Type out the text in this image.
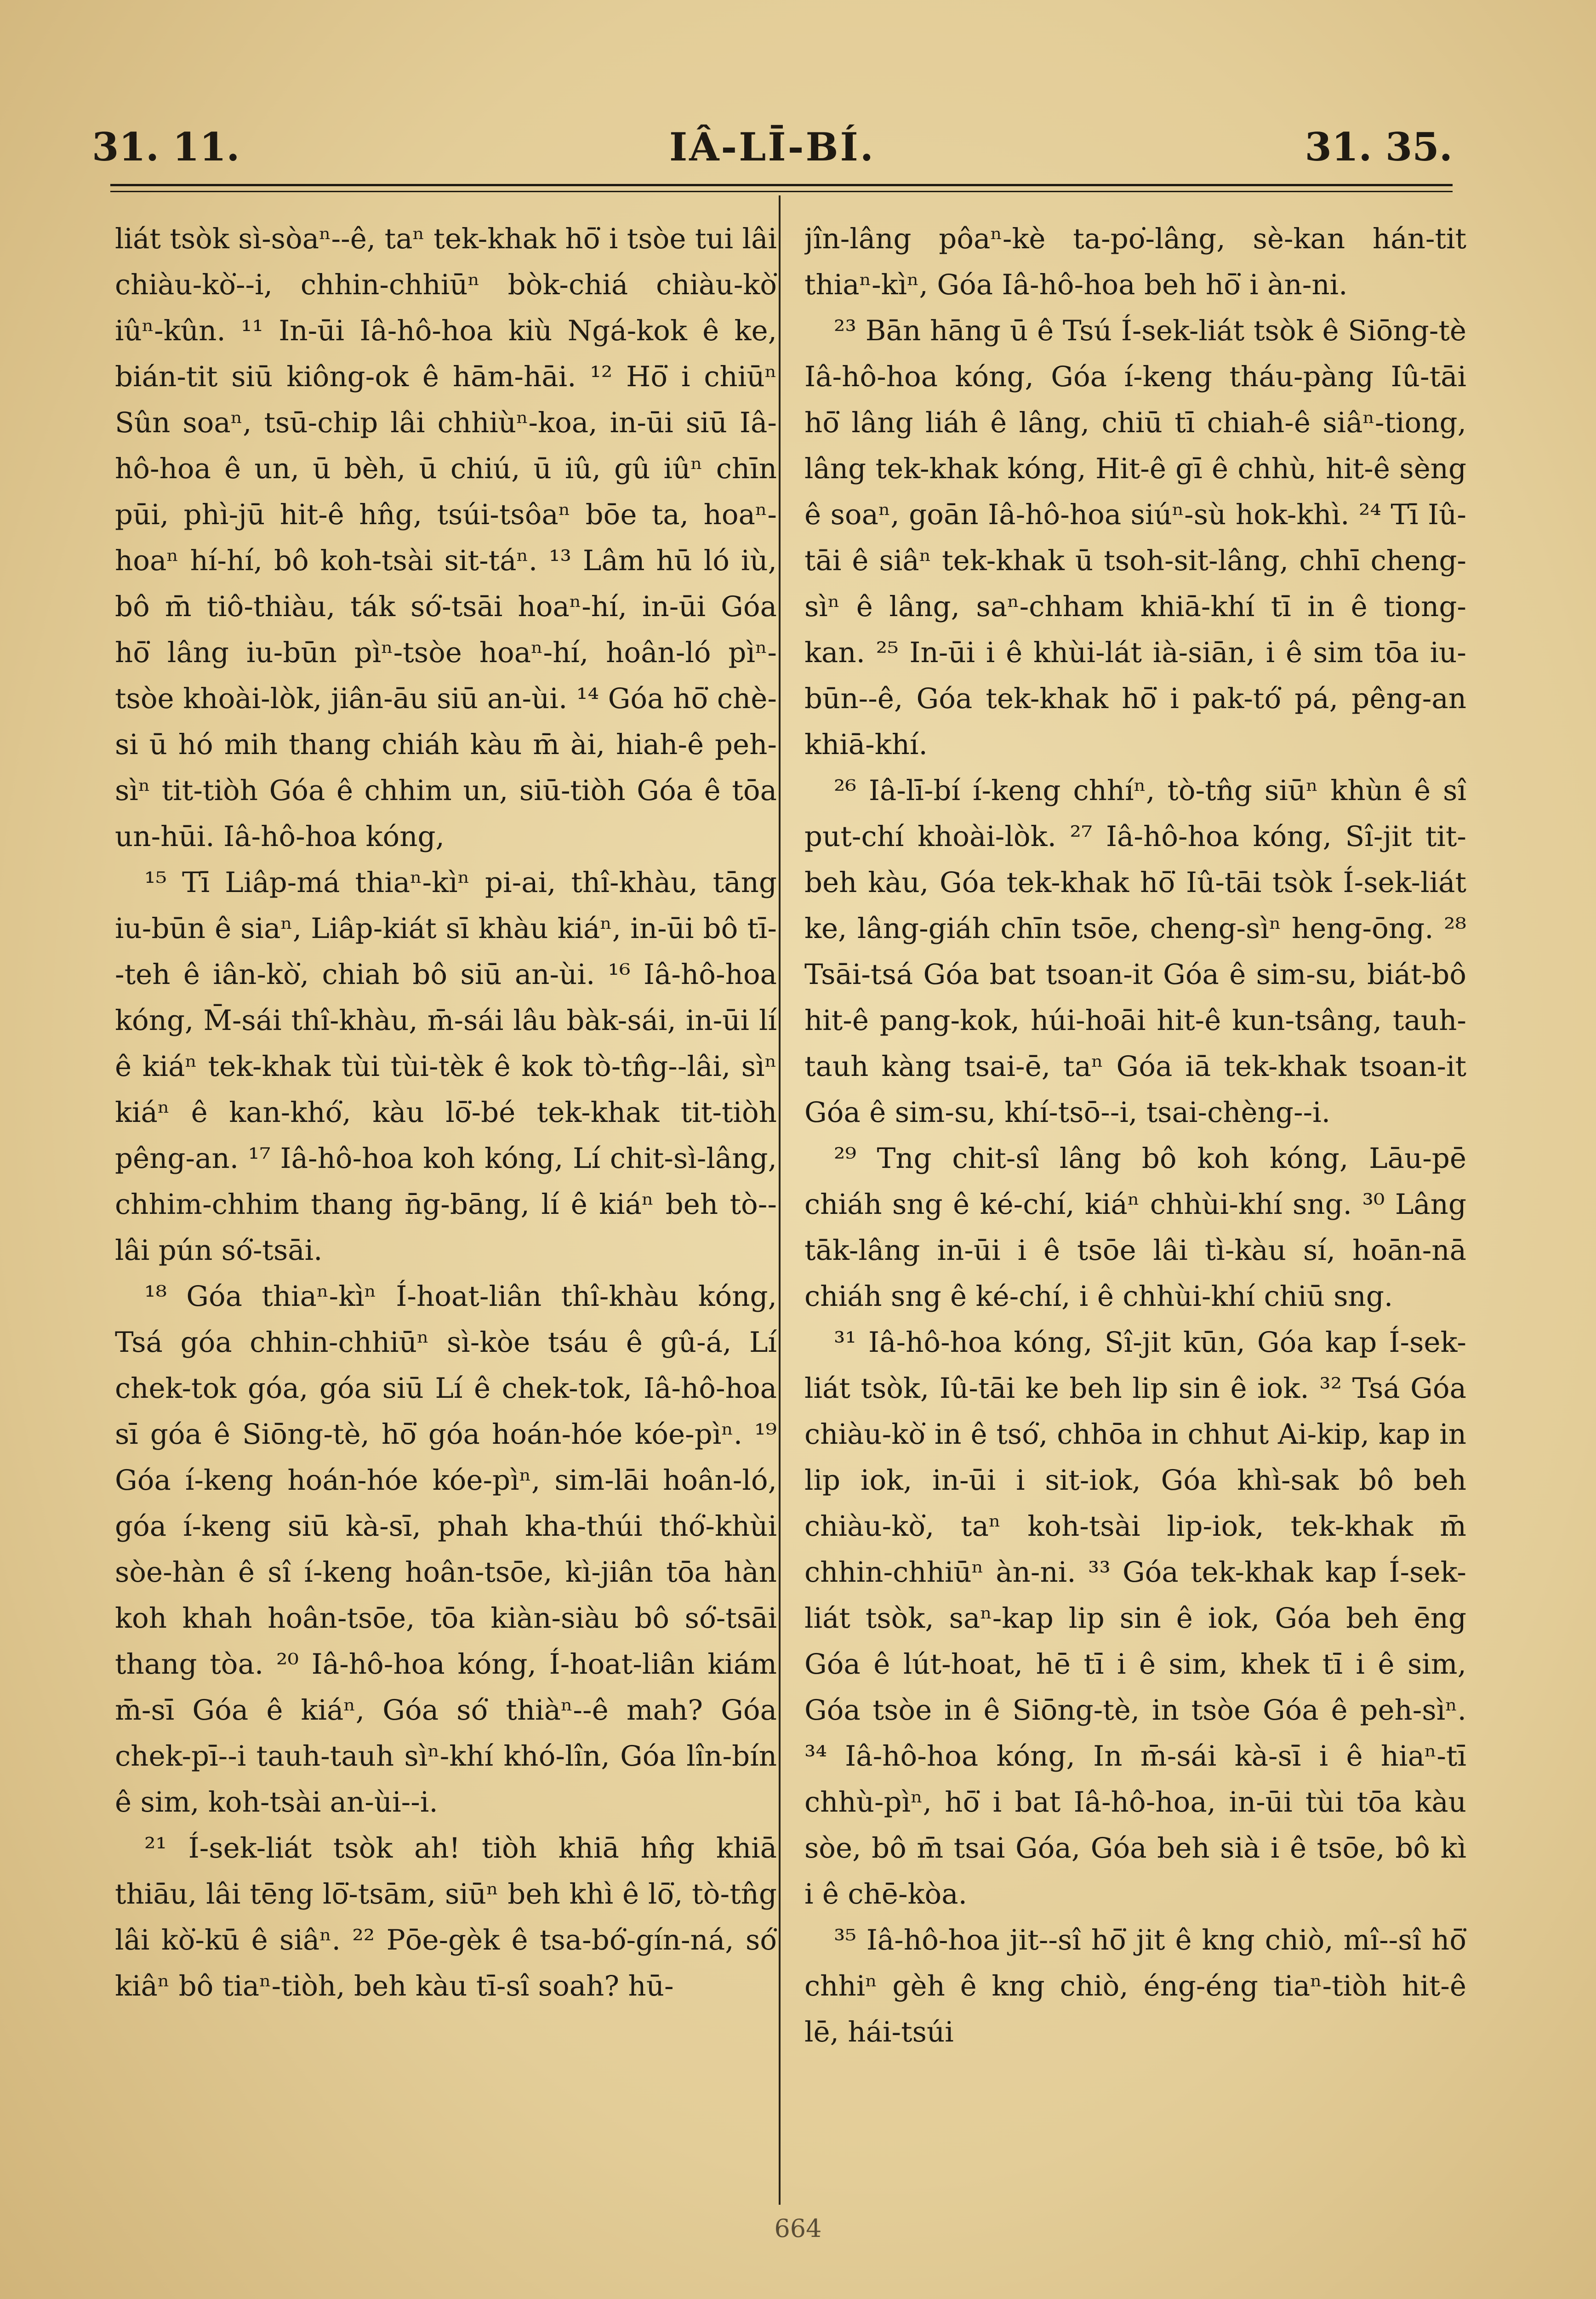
31. 11.	IÂ-LĪ-BÍ.	31. 35.

liát tsòk sì-sòaⁿ--ê, taⁿ tek-khak hō͘ i tsòe tui lâi chiàu-kò͘--i, chhin-chhiūⁿ bòk-chiá chiàu-kò͘ iûⁿ-kûn. ¹¹ In-ūi Iâ-hô-hoa kiù Ngá-kok ê ke, bián-tit siū kiông-ok ê hām-hāi. ¹² Hō͘ i chiūⁿ Sûn soaⁿ, tsū-chip lâi chhiùⁿ-koa, in-ūi siū Iâ-hô-hoa ê un, ū bèh, ū chiú, ū iû, gû iûⁿ chīn pūi, phì-jū hit-ê hn̂g, tsúi-tsôaⁿ bōe ta, hoaⁿ-hoaⁿ hí-hí, bô koh-tsài sit-táⁿ. ¹³ Lâm hū ló iù, bô m̄ tiô-thiàu, ták só͘-tsāi hoaⁿ-hí, in-ūi Góa hō͘ lâng iu-būn pìⁿ-tsòe hoaⁿ-hí, hoân-ló pìⁿ-tsòe khoài-lòk, jiân-āu siū an-ùi. ¹⁴ Góa hō͘ chè-si ū hó mih thang chiáh kàu m̄ ài, hiah-ê peh-sìⁿ tit-tiòh Góa ê chhim un, siū-tiòh Góa ê tōa un-hūi. Iâ-hô-hoa kóng,

¹⁵ Tī Liâp-má thiaⁿ-kìⁿ pi-ai, thî-khàu, tāng iu-būn ê siaⁿ, Liâp-kiát sī khàu kiáⁿ, in-ūi bô tī--teh ê iân-kò͘, chiah bô siū an-ùi. ¹⁶ Iâ-hô-hoa kóng, M̄-sái thî-khàu, m̄-sái lâu bàk-sái, in-ūi lí ê kiáⁿ tek-khak tùi tùi-tèk ê kok tò-tn̂g--lâi, sìⁿ kiáⁿ ê kan-khó͘, kàu lō͘-bé tek-khak tit-tiòh pêng-an. ¹⁷ Iâ-hô-hoa koh kóng, Lí chit-sì-lâng, chhim-chhim thang n̄g-bāng, lí ê kiáⁿ beh tò--lâi pún só͘-tsāi.

¹⁸ Góa thiaⁿ-kìⁿ Í-hoat-liân thî-khàu kóng, Tsá góa chhin-chhiūⁿ sì-kòe tsáu ê gû-á, Lí chek-tok góa, góa siū Lí ê chek-tok, Iâ-hô-hoa sī góa ê Siōng-tè, hō͘ góa hoán-hóe kóe-pìⁿ. ¹⁹ Góa í-keng hoán-hóe kóe-pìⁿ, sim-lāi hoân-ló, góa í-keng siū kà-sī, phah kha-thúi thó͘-khùi sòe-hàn ê sî í-keng hoân-tsōe, kì-jiân tōa hàn koh khah hoân-tsōe, tōa kiàn-siàu bô só͘-tsāi thang tòa. ²⁰ Iâ-hô-hoa kóng, Í-hoat-liân kiám m̄-sī Góa ê kiáⁿ, Góa só͘ thiàⁿ--ê mah? Góa chek-pī--i tauh-tauh sìⁿ-khí khó-lîn, Góa lîn-bín ê sim, koh-tsài an-ùi--i.

²¹ Í-sek-liát tsòk ah! tiòh khiā hn̂g khiā thiāu, lâi tēng lō͘-tsām, siūⁿ beh khì ê lō͘, tò-tn̂g lâi kò͘-kū ê siâⁿ. ²² Pōe-gèk ê tsa-bó͘-gín-ná, só͘ kiâⁿ bô tiaⁿ-tiòh, beh kàu tī-sî soah? hū-

jîn-lâng pôaⁿ-kè ta-po͘-lâng, sè-kan hán-tit thiaⁿ-kìⁿ, Góa Iâ-hô-hoa beh hō͘ i àn-ni.

²³ Bān hāng ū ê Tsú Í-sek-liát tsòk ê Siōng-tè Iâ-hô-hoa kóng, Góa í-keng tháu-pàng Iû-tāi hō͘ lâng liáh ê lâng, chiū tī chiah-ê siâⁿ-tiong, lâng tek-khak kóng, Hit-ê gī ê chhù, hit-ê sèng ê soaⁿ, goān Iâ-hô-hoa siúⁿ-sù hok-khì. ²⁴ Tī Iû-tāi ê siâⁿ tek-khak ū tsoh-sit-lâng, chhī cheng-sìⁿ ê lâng, saⁿ-chham khiā-khí tī in ê tiong-kan. ²⁵ In-ūi i ê khùi-lát ià-siān, i ê sim tōa iu-būn--ê, Góa tek-khak hō͘ i pak-tó͘ pá, pêng-an khiā-khí.

²⁶ Iâ-lī-bí í-keng chhíⁿ, tò-tn̂g siūⁿ khùn ê sî put-chí khoài-lòk. ²⁷ Iâ-hô-hoa kóng, Sî-jit tit-beh kàu, Góa tek-khak hō͘ Iû-tāi tsòk Í-sek-liát ke, lâng-giáh chīn tsōe, cheng-sìⁿ heng-ōng. ²⁸ Tsāi-tsá Góa bat tsoan-it Góa ê sim-su, biát-bô hit-ê pang-kok, húi-hoāi hit-ê kun-tsâng, tauh-tauh kàng tsai-ē, taⁿ Góa iā tek-khak tsoan-it Góa ê sim-su, khí-tsō--i, tsai-chèng--i.

²⁹ Tng chit-sî lâng bô koh kóng, Lāu-pē chiáh sng ê ké-chí, kiáⁿ chhùi-khí sng. ³⁰ Lâng tāk-lâng in-ūi i ê tsōe lâi tì-kàu sí, hoān-nā chiáh sng ê ké-chí, i ê chhùi-khí chiū sng.

³¹ Iâ-hô-hoa kóng, Sî-jit kūn, Góa kap Í-sek-liát tsòk, Iû-tāi ke beh lip sin ê iok. ³² Tsá Góa chiàu-kò͘ in ê tsó͘, chhōa in chhut Ai-kip, kap in lip iok, in-ūi i sit-iok, Góa khì-sak bô beh chiàu-kò͘, taⁿ koh-tsài lip-iok, tek-khak m̄ chhin-chhiūⁿ àn-ni. ³³ Góa tek-khak kap Í-sek-liát tsòk, saⁿ-kap lip sin ê iok, Góa beh ēng Góa ê lút-hoat, hē tī i ê sim, khek tī i ê sim, Góa tsòe in ê Siōng-tè, in tsòe Góa ê peh-sìⁿ. ³⁴ Iâ-hô-hoa kóng, In m̄-sái kà-sī i ê hiaⁿ-tī chhù-pìⁿ, hō͘ i bat Iâ-hô-hoa, in-ūi tùi tōa kàu sòe, bô m̄ tsai Góa, Góa beh sià i ê tsōe, bô kì i ê chē-kòa.

³⁵ Iâ-hô-hoa jit--sî hō͘ jit ê kng chiò, mî--sî hō͘ chhiⁿ gèh ê kng chiò, éng-éng tiaⁿ-tiòh hit-ê lē, hái-tsúi

664
